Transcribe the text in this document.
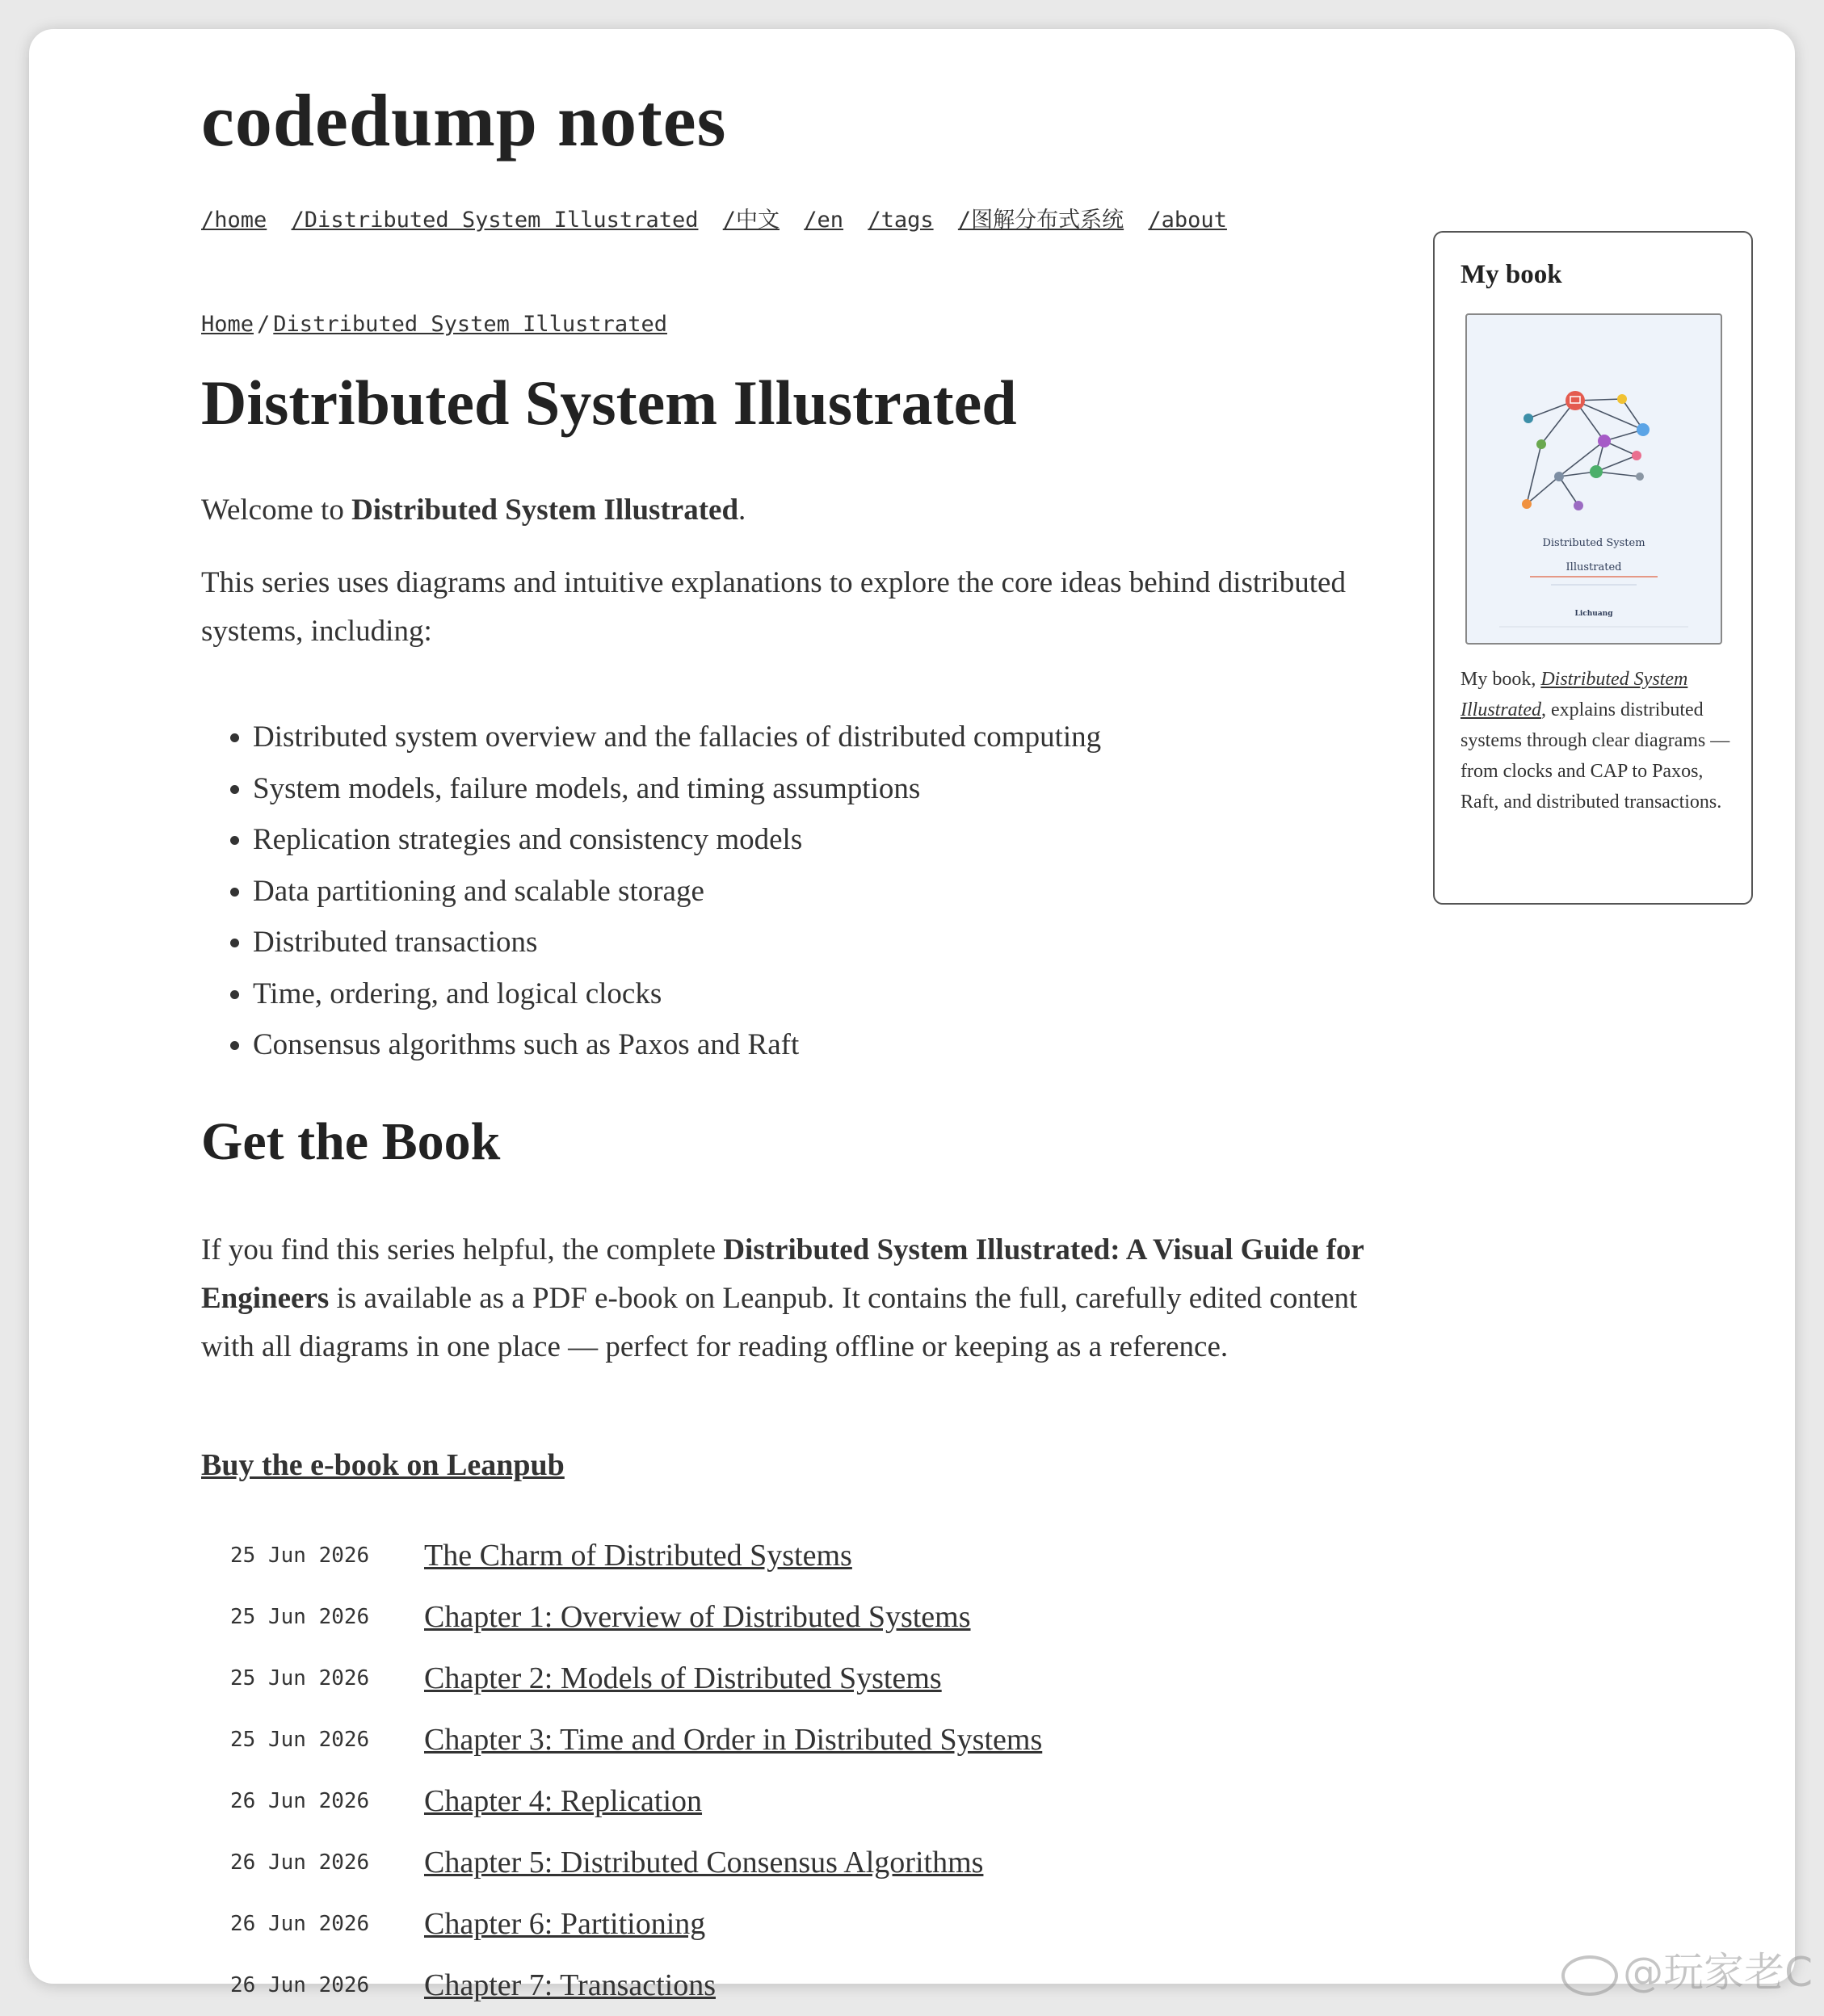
codedump notes
/home /Distributed System Illustrated /中文 /en /tags /图解分布式系统 /about
Home / Distributed System Illustrated
Distributed System Illustrated

Welcome to Distributed System Illustrated.

This series uses diagrams and intuitive explanations to explore the core ideas behind distributed systems, including:

• Distributed system overview and the fallacies of distributed computing
• System models, failure models, and timing assumptions
• Replication strategies and consistency models
• Data partitioning and scalable storage
• Distributed transactions
• Time, ordering, and logical clocks
• Consensus algorithms such as Paxos and Raft
Get the Book

If you find this series helpful, the complete Distributed System Illustrated: A Visual Guide for Engineers is available as a PDF e-book on Leanpub. It contains the full, carefully edited content with all diagrams in one place — perfect for reading offline or keeping as a reference.

Buy the e-book on Leanpub
25 Jun 2026	The Charm of Distributed Systems
25 Jun 2026	Chapter 1: Overview of Distributed Systems
25 Jun 2026	Chapter 2: Models of Distributed Systems
25 Jun 2026	Chapter 3: Time and Order in Distributed Systems
26 Jun 2026	Chapter 4: Replication
26 Jun 2026	Chapter 5: Distributed Consensus Algorithms
26 Jun 2026	Chapter 6: Partitioning
26 Jun 2026	Chapter 7: Transactions
My book
Distributed System
Illustrated
Lichuang

My book, Distributed System Illustrated, explains distributed systems through clear diagrams — from clocks and CAP to Paxos, Raft, and distributed transactions.

@玩家老C
